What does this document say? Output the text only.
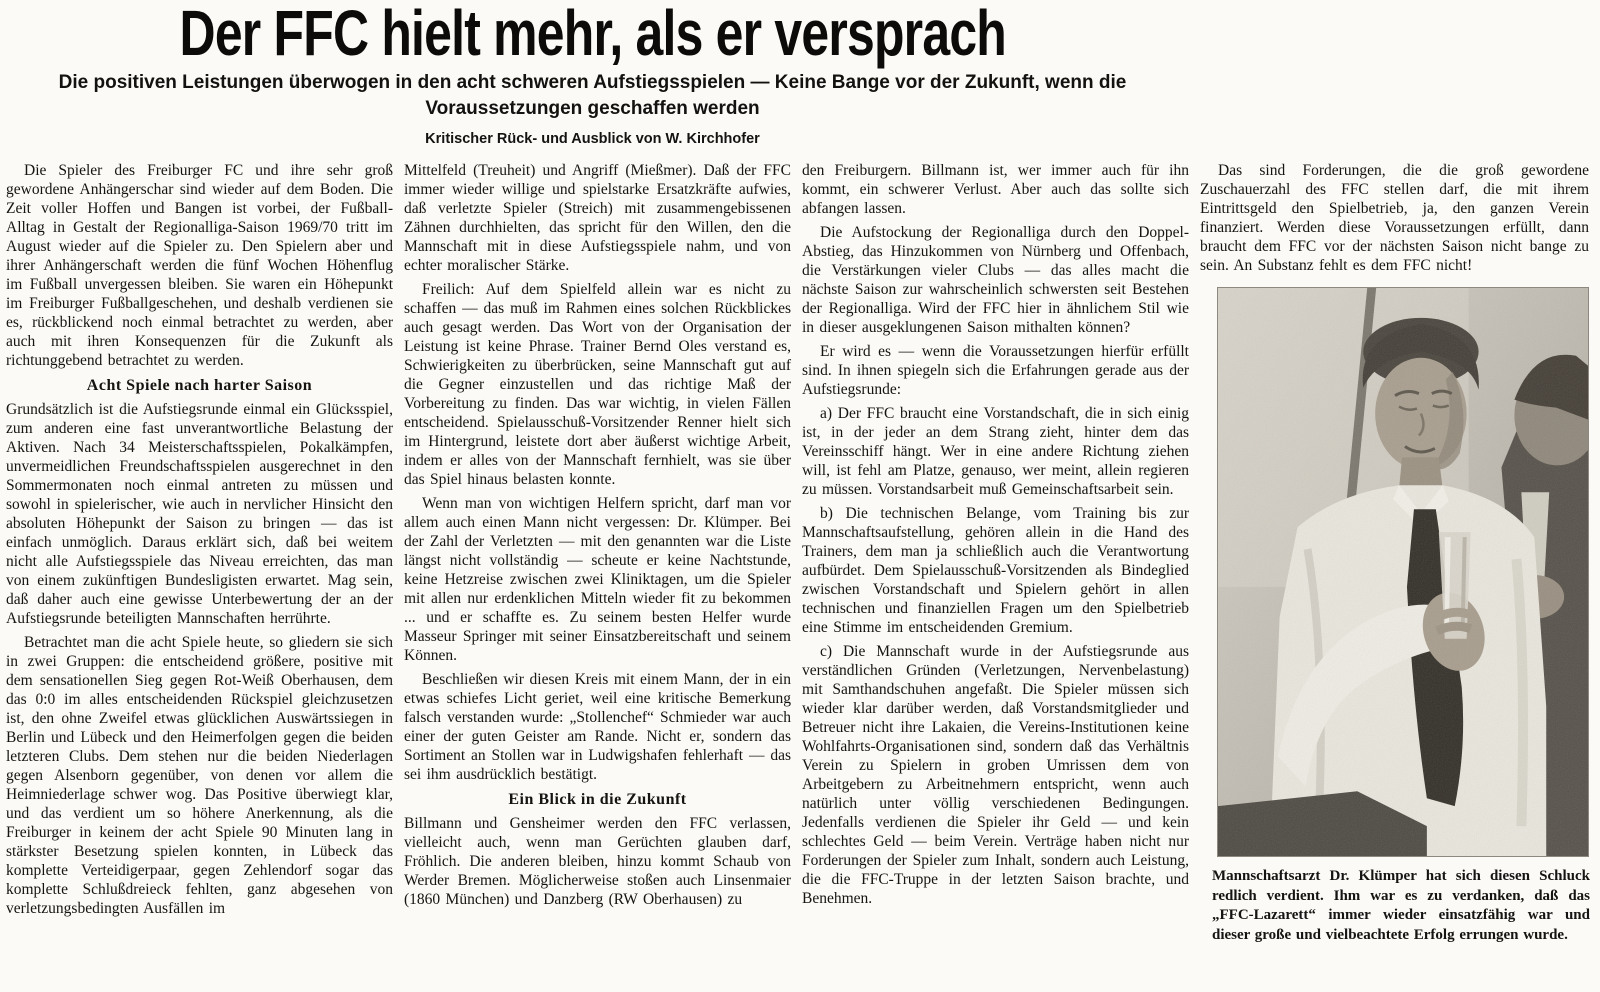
Der FFC hielt mehr, als er versprach
Die positiven Leistungen überwogen in den acht schweren Aufstiegsspielen — Keine Bange vor der Zukunft, wenn die Voraussetzungen geschaffen werden
Kritischer Rück- und Ausblick von W. Kirchhofer

Die Spieler des Freiburger FC und ihre sehr groß gewordene Anhängerschar sind wieder auf dem Boden. Die Zeit voller Hoffen und Bangen ist vorbei, der Fußball-Alltag in Gestalt der Regionalliga-Saison 1969/70 tritt im August wieder auf die Spieler zu. Den Spielern aber und ihrer Anhängerschaft werden die fünf Wochen Höhenflug im Fußball unvergessen bleiben. Sie waren ein Höhepunkt im Freiburger Fußballgeschehen, und deshalb verdienen sie es, rückblickend noch einmal betrachtet zu werden, aber auch mit ihren Konsequenzen für die Zukunft als richtunggebend betrachtet zu werden.

Acht Spiele nach harter Saison

Grundsätzlich ist die Aufstiegsrunde einmal ein Glücksspiel, zum anderen eine fast unverantwortliche Belastung der Aktiven. Nach 34 Meisterschaftsspielen, Pokalkämpfen, unvermeidlichen Freundschaftsspielen ausgerechnet in den Sommermonaten noch einmal antreten zu müssen und sowohl in spielerischer, wie auch in nervlicher Hinsicht den absoluten Höhepunkt der Saison zu bringen — das ist einfach unmöglich. Daraus erklärt sich, daß bei weitem nicht alle Aufstiegsspiele das Niveau erreichten, das man von einem zukünftigen Bundesligisten erwartet. Mag sein, daß daher auch eine gewisse Unterbewertung der an der Aufstiegsrunde beteiligten Mannschaften herrührte.

Betrachtet man die acht Spiele heute, so gliedern sie sich in zwei Gruppen: die entscheidend größere, positive mit dem sensationellen Sieg gegen Rot-Weiß Oberhausen, dem das 0:0 im alles entscheidenden Rückspiel gleichzusetzen ist, den ohne Zweifel etwas glücklichen Auswärtssiegen in Berlin und Lübeck und den Heimerfolgen gegen die beiden letzteren Clubs. Dem stehen nur die beiden Niederlagen gegen Alsenborn gegenüber, von denen vor allem die Heimniederlage schwer wog. Das Positive überwiegt klar, und das verdient um so höhere Anerkennung, als die Freiburger in keinem der acht Spiele 90 Minuten lang in stärkster Besetzung spielen konnten, in Lübeck das komplette Verteidigerpaar, gegen Zehlendorf sogar das komplette Schlußdreieck fehlten, ganz abgesehen von verletzungsbedingten Ausfällen im

Mittelfeld (Treuheit) und Angriff (Mießmer). Daß der FFC immer wieder willige und spielstarke Ersatzkräfte aufwies, daß verletzte Spieler (Streich) mit zusammengebissenen Zähnen durchhielten, das spricht für den Willen, den die Mannschaft mit in diese Aufstiegsspiele nahm, und von echter moralischer Stärke.

Freilich: Auf dem Spielfeld allein war es nicht zu schaffen — das muß im Rahmen eines solchen Rückblickes auch gesagt werden. Das Wort von der Organisation der Leistung ist keine Phrase. Trainer Bernd Oles verstand es, Schwierigkeiten zu überbrücken, seine Mannschaft gut auf die Gegner einzustellen und das richtige Maß der Vorbereitung zu finden. Das war wichtig, in vielen Fällen entscheidend. Spielausschuß-Vorsitzender Renner hielt sich im Hintergrund, leistete dort aber äußerst wichtige Arbeit, indem er alles von der Mannschaft fernhielt, was sie über das Spiel hinaus belasten konnte.

Wenn man von wichtigen Helfern spricht, darf man vor allem auch einen Mann nicht vergessen: Dr. Klümper. Bei der Zahl der Verletzten — mit den genannten war die Liste längst nicht vollständig — scheute er keine Nachtstunde, keine Hetzreise zwischen zwei Kliniktagen, um die Spieler mit allen nur erdenklichen Mitteln wieder fit zu bekommen ... und er schaffte es. Zu seinem besten Helfer wurde Masseur Springer mit seiner Einsatzbereitschaft und seinem Können.

Beschließen wir diesen Kreis mit einem Mann, der in ein etwas schiefes Licht geriet, weil eine kritische Bemerkung falsch verstanden wurde: „Stollenchef“ Schmieder war auch einer der guten Geister am Rande. Nicht er, sondern das Sortiment an Stollen war in Ludwigshafen fehlerhaft — das sei ihm ausdrücklich bestätigt.

Ein Blick in die Zukunft

Billmann und Gensheimer werden den FFC verlassen, vielleicht auch, wenn man Gerüchten glauben darf, Fröhlich. Die anderen bleiben, hinzu kommt Schaub von Werder Bremen. Möglicherweise stoßen auch Linsenmaier (1860 München) und Danzberg (RW Oberhausen) zu

den Freiburgern. Billmann ist, wer immer auch für ihn kommt, ein schwerer Verlust. Aber auch das sollte sich abfangen lassen.

Die Aufstockung der Regionalliga durch den Doppel-Abstieg, das Hinzukommen von Nürnberg und Offenbach, die Verstärkungen vieler Clubs — das alles macht die nächste Saison zur wahrscheinlich schwersten seit Bestehen der Regionalliga. Wird der FFC hier in ähnlichem Stil wie in dieser ausgeklungenen Saison mithalten können?

Er wird es — wenn die Voraussetzungen hierfür erfüllt sind. In ihnen spiegeln sich die Erfahrungen gerade aus der Aufstiegsrunde:

a) Der FFC braucht eine Vorstandschaft, die in sich einig ist, in der jeder an dem Strang zieht, hinter dem das Vereinsschiff hängt. Wer in eine andere Richtung ziehen will, ist fehl am Platze, genauso, wer meint, allein regieren zu müssen. Vorstandsarbeit muß Gemeinschaftsarbeit sein.

b) Die technischen Belange, vom Training bis zur Mannschaftsaufstellung, gehören allein in die Hand des Trainers, dem man ja schließlich auch die Verantwortung aufbürdet. Dem Spielausschuß-Vorsitzenden als Bindeglied zwischen Vorstandschaft und Spielern gehört in allen technischen und finanziellen Fragen um den Spielbetrieb eine Stimme im entscheidenden Gremium.

c) Die Mannschaft wurde in der Aufstiegsrunde aus verständlichen Gründen (Verletzungen, Nervenbelastung) mit Samthandschuhen angefaßt. Die Spieler müssen sich wieder klar darüber werden, daß Vorstandsmitglieder und Betreuer nicht ihre Lakaien, die Vereins-Institutionen keine Wohlfahrts-Organisationen sind, sondern daß das Verhältnis Verein zu Spielern in groben Umrissen dem von Arbeitgebern zu Arbeitnehmern entspricht, wenn auch natürlich unter völlig verschiedenen Bedingungen. Jedenfalls verdienen die Spieler ihr Geld — und kein schlechtes Geld — beim Verein. Verträge haben nicht nur Forderungen der Spieler zum Inhalt, sondern auch Leistung, die die FFC-Truppe in der letzten Saison brachte, und Benehmen.

Das sind Forderungen, die die groß gewordene Zuschauerzahl des FFC stellen darf, die mit ihrem Eintrittsgeld den Spielbetrieb, ja, den ganzen Verein finanziert. Werden diese Voraussetzungen erfüllt, dann braucht dem FFC vor der nächsten Saison nicht bange zu sein. An Substanz fehlt es dem FFC nicht!

Mannschaftsarzt Dr. Klümper hat sich diesen Schluck redlich verdient. Ihm war es zu verdanken, daß das „FFC-Lazarett“ immer wieder einsatzfähig war und dieser große und vielbeachtete Erfolg errungen wurde.
